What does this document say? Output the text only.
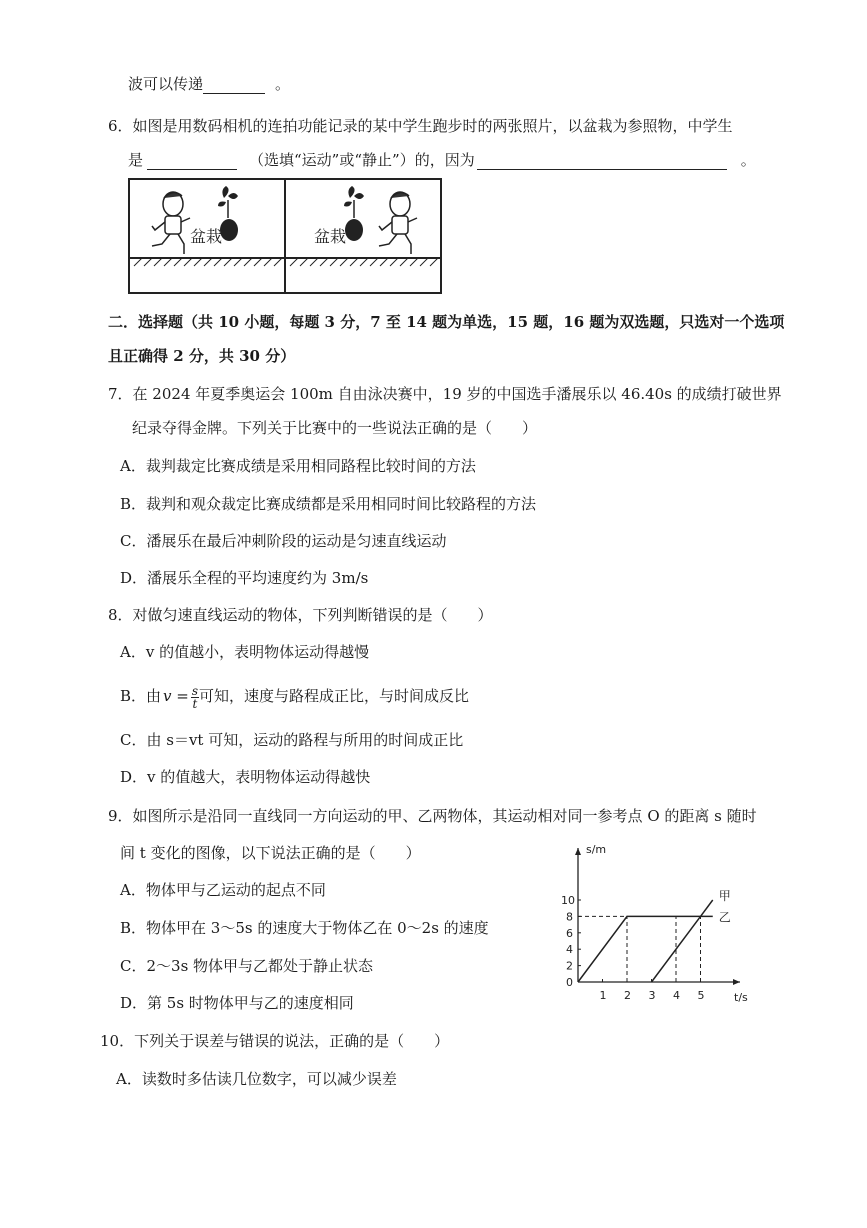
波可以传递	。
6．如图是用数码相机的连拍功能记录的某中学生跑步时的两张照片，以盆栽为参照物，中学生
是	（选填“运动”或“静止”）的，因为	。
盆栽	盆栽
二．选择题（共 10 小题，每题 3 分，7 至 14 题为单选，15 题，16 题为双选题，只选对一个选项
且正确得 2 分，共 30 分）
7．在 2024 年夏季奥运会 100m 自由泳决赛中，19 岁的中国选手潘展乐以 46.40s 的成绩打破世界
纪录夺得金牌。下列关于比赛中的一些说法正确的是（　　）
A．裁判裁定比赛成绩是采用相同路程比较时间的方法
B．裁判和观众裁定比赛成绩都是采用相同时间比较路程的方法
C．潘展乐在最后冲刺阶段的运动是匀速直线运动
D．潘展乐全程的平均速度约为 3m/s
8．对做匀速直线运动的物体，下列判断错误的是（　　）
A．v 的值越小，表明物体运动得越慢
B．由 $v = \frac{s}{t}$ 可知，速度与路程成正比，与时间成反比
C．由 s＝vt 可知，运动的路程与所用的时间成正比
D．v 的值越大，表明物体运动得越快
9．如图所示是沿同一直线同一方向运动的甲、乙两物体，其运动相对同一参考点 O 的距离 s 随时
间 t 变化的图像，以下说法正确的是（　　）
A．物体甲与乙运动的起点不同
B．物体甲在 3～5s 的速度大于物体乙在 0～2s 的速度
C．2～3s 物体甲与乙都处于静止状态
D．第 5s 时物体甲与乙的速度相同
s/m
t/s
0
1 2 3 4 5
2
4
6
8
10	甲
乙
10．下列关于误差与错误的说法，正确的是（　　）
A．读数时多估读几位数字，可以减少误差
